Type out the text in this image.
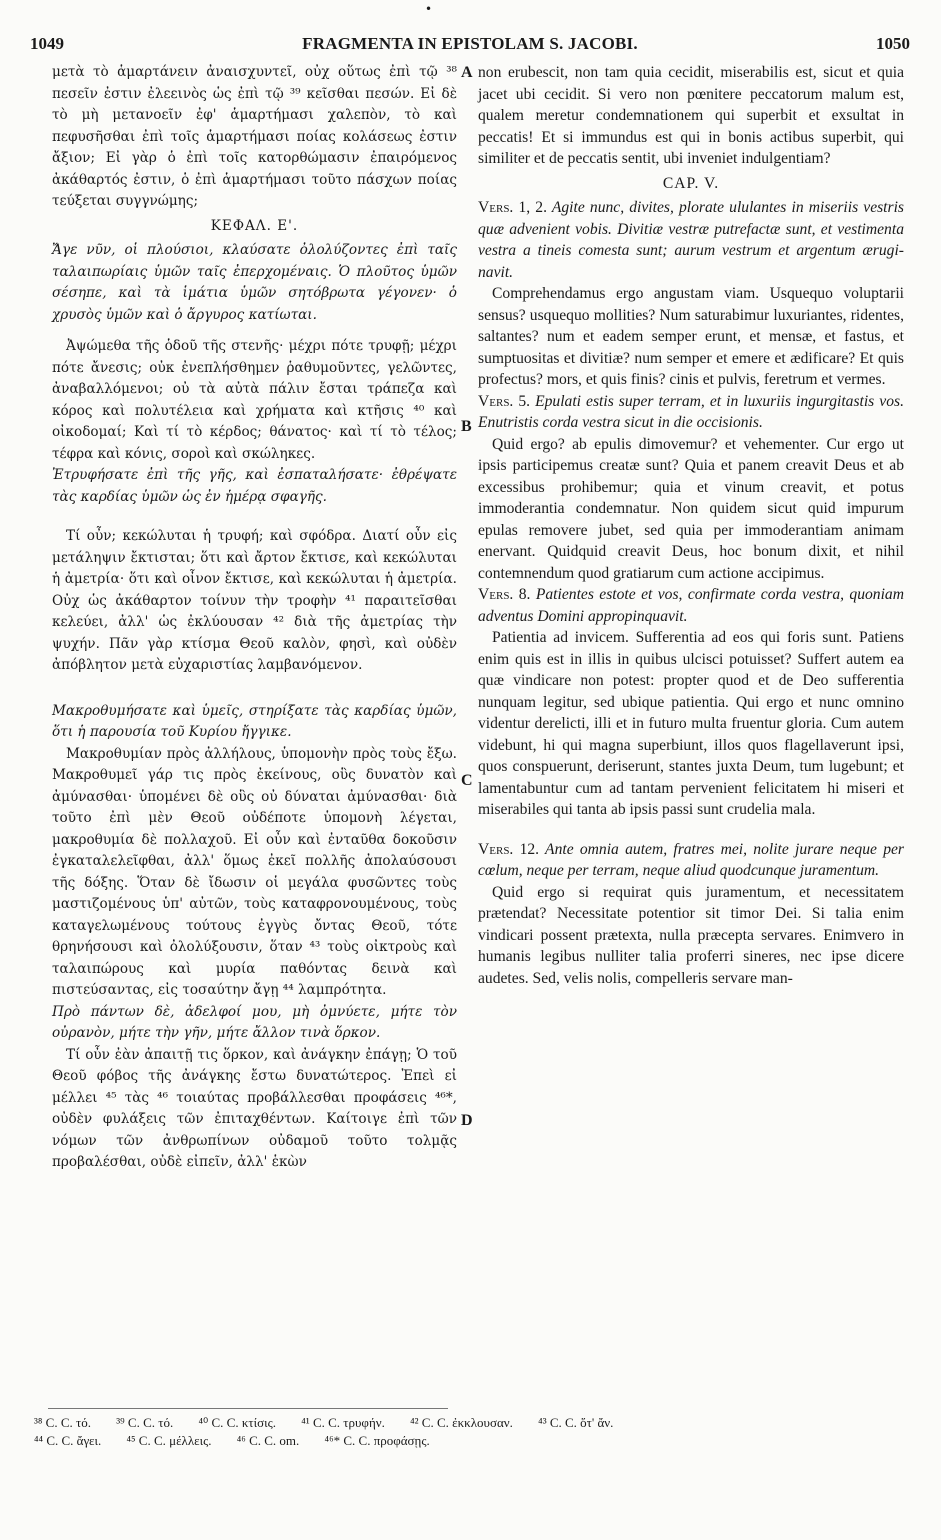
•
1049	FRAGMENTA IN EPISTOLAM S. JACOBI.	1050

μετὰ τὸ ἁμαρτάνειν ἀναισχυντεῖ, οὐχ οὕτως ἐπὶ τῷ ³⁸ πεσεῖν ἐστιν ἐλεεινὸς ὡς ἐπὶ τῷ ³⁹ κεῖσθαι πεσών. Εἰ δὲ τὸ μὴ μετανοεῖν ἐφ' ἁμαρτήμασι χαλεπὸν, τὸ καὶ πεφυσῆσθαι ἐπὶ τοῖς ἁμαρτήμασι ποίας κολάσεως ἐστιν ἄξιον; Εἰ γὰρ ὁ ἐπὶ τοῖς κατορθώμασιν ἐπαιρόμενος ἀκάθαρτός ἐστιν, ὁ ἐπὶ ἁμαρτήμασι τοῦτο πάσχων ποίας τεύξεται συγγνώμης;

ΚΕΦΑΛ. Ε'.

Ἄγε νῦν, οἱ πλούσιοι, κλαύσατε ὀλολύζοντες ἐπὶ ταῖς ταλαιπωρίαις ὑμῶν ταῖς ἐπερχομέναις. Ὁ πλοῦτος ὑμῶν σέσηπε, καὶ τὰ ἱμάτια ὑμῶν σητόβρωτα γέγονεν· ὁ χρυσὸς ὑμῶν καὶ ὁ ἄργυρος κατίωται.

Ἀψώμεθα τῆς ὁδοῦ τῆς στενῆς· μέχρι πότε τρυφῇ; μέχρι πότε ἄνεσις; οὐκ ἐνεπλήσθημεν ῥαθυμοῦντες, γελῶντες, ἀναβαλλόμενοι; οὐ τὰ αὐτὰ πάλιν ἔσται τράπεζα καὶ κόρος καὶ πολυτέλεια καὶ χρήματα καὶ κτῆσις ⁴⁰ καὶ οἰκοδομαί; Καὶ τί τὸ κέρδος; θάνατος· καὶ τί τὸ τέλος; τέφρα καὶ κόνις, σοροὶ καὶ σκώληκες.

Ἐτρυφήσατε ἐπὶ τῆς γῆς, καὶ ἐσπαταλήσατε· ἐθρέψατε τὰς καρδίας ὑμῶν ὡς ἐν ἡμέρᾳ σφαγῆς.

Τί οὖν; κεκώλυται ἡ τρυφή; καὶ σφόδρα. Διατί οὖν εἰς μετάληψιν ἔκτισται; ὅτι καὶ ἄρτον ἔκτισε, καὶ κεκώλυται ἡ ἀμετρία· ὅτι καὶ οἶνον ἔκτισε, καὶ κεκώλυται ἡ ἀμετρία. Οὐχ ὡς ἀκάθαρτον τοίνυν τὴν τροφὴν ⁴¹ παραιτεῖσθαι κελεύει, ἀλλ' ὡς ἐκλύουσαν ⁴² διὰ τῆς ἀμετρίας τὴν ψυχήν. Πᾶν γὰρ κτίσμα Θεοῦ καλὸν, φησὶ, καὶ οὐδὲν ἀπόβλητον μετὰ εὐχαριστίας λαμβανόμενον.

Μακροθυμήσατε καὶ ὑμεῖς, στηρίξατε τὰς καρδίας ὑμῶν, ὅτι ἡ παρουσία τοῦ Κυρίου ἤγγικε.

Μακροθυμίαν πρὸς ἀλλήλους, ὑπομονὴν πρὸς τοὺς ἔξω. Μακροθυμεῖ γάρ τις πρὸς ἐκείνους, οὓς δυνατὸν καὶ ἀμύνασθαι· ὑπομένει δὲ οὓς οὐ δύναται ἀμύνασθαι· διὰ τοῦτο ἐπὶ μὲν Θεοῦ οὐδέποτε ὑπομονὴ λέγεται, μακροθυμία δὲ πολλαχοῦ. Εἰ οὖν καὶ ἐνταῦθα δοκοῦσιν ἐγκαταλελεῖφθαι, ἀλλ' ὅμως ἐκεῖ πολλῆς ἀπολαύσουσι τῆς δόξης. Ὅταν δὲ ἴδωσιν οἱ μεγάλα φυσῶντες τοὺς μαστιζομένους ὑπ' αὐτῶν, τοὺς καταφρονουμένους, τοὺς καταγελωμένους τούτους ἐγγὺς ὄντας Θεοῦ, τότε θρηνήσουσι καὶ ὀλολύξουσιν, ὅταν ⁴³ τοὺς οἰκτροὺς καὶ ταλαιπώρους καὶ μυρία παθόντας δεινὰ καὶ πιστεύσαντας, εἰς τοσαύτην ἄγῃ ⁴⁴ λαμπρότητα.

Πρὸ πάντων δὲ, ἀδελφοί μου, μὴ ὀμνύετε, μήτε τὸν οὐρανὸν, μήτε τὴν γῆν, μήτε ἄλλον τινὰ ὅρκον.

Τί οὖν ἐὰν ἀπαιτῇ τις ὅρκον, καὶ ἀνάγκην ἐπάγῃ; Ὁ τοῦ Θεοῦ φόβος τῆς ἀνάγκης ἔστω δυνατώτερος. Ἐπεὶ εἰ μέλλει ⁴⁵ τὰς ⁴⁶ τοιαύτας προβάλλεσθαι προφάσεις ⁴⁶*, οὐδὲν φυλάξεις τῶν ἐπιταχθέντων. Καίτοιγε ἐπὶ τῶν νόμων τῶν ἀνθρωπίνων οὐδαμοῦ τοῦτο τολμᾷς προβαλέσθαι, οὐδὲ εἰπεῖν, ἀλλ' ἑκὼν

A
B
C
D

non erubescit, non tam quia cecidit, miserabilis est, sicut et quia jacet ubi cecidit. Si vero non pœnitere peccatorum malum est, qualem meretur condemnationem qui superbit et exsultat in peccatis! Et si immundus est qui in bonis actibus superbit, qui similiter et de peccatis sentit, ubi inveniet indulgentiam?

CAP. V.

Vers. 1, 2. Agite nunc, divites, plorate ululantes in miseriis vestris quæ advenient vobis. Divitiæ vestræ putrefactæ sunt, et vestimenta vestra a tineis comesta sunt; aurum vestrum et argentum ærugi-navit.

Comprehendamus ergo angustam viam. Usquequo voluptarii sensus? usquequo mollities? Num saturabimur luxuriantes, ridentes, saltantes? num et eadem semper erunt, et mensæ, et fastus, et sumptuositas et divitiæ? num semper et emere et ædificare? Et quis profectus? mors, et quis finis? cinis et pulvis, feretrum et vermes.

Vers. 5. Epulati estis super terram, et in luxuriis ingurgitastis vos. Enutristis corda vestra sicut in die occisionis.

Quid ergo? ab epulis dimovemur? et vehementer. Cur ergo ut ipsis participemus creatæ sunt? Quia et panem creavit Deus et ab excessibus prohibemur; quia et vinum creavit, et potus immoderantia condemnatur. Non quidem sicut quid impurum epulas removere jubet, sed quia per immoderantiam animam enervant. Quidquid creavit Deus, hoc bonum dixit, et nihil contemnendum quod gratiarum cum actione accipimus.

Vers. 8. Patientes estote et vos, confirmate corda vestra, quoniam adventus Domini appropinquavit.

Patientia ad invicem. Sufferentia ad eos qui foris sunt. Patiens enim quis est in illis in quibus ulcisci potuisset? Suffert autem ea quæ vindicare non potest: propter quod et de Deo sufferentia nunquam legitur, sed ubique patientia. Qui ergo et nunc omnino videntur derelicti, illi et in futuro multa fruentur gloria. Cum autem videbunt, hi qui magna superbiunt, illos quos flagellaverunt ipsi, quos conspuerunt, deriserunt, stantes juxta Deum, tum lugebunt; et lamentabuntur cum ad tantam pervenient felicitatem hi miseri et miserabiles qui tanta ab ipsis passi sunt crudelia mala.

Vers. 12. Ante omnia autem, fratres mei, nolite jurare neque per cœlum, neque per terram, neque aliud quodcunque juramentum.

Quid ergo si requirat quis juramentum, et necessitatem prætendat? Necessitate potentior sit timor Dei. Si talia enim vindicari possent prætexta, nulla præcepta servares. Enimvero in humanis legibus nulliter talia proferri sineres, nec ipse dicere audetes. Sed, velis nolis, compelleris servare man-

³⁸ C. C. τό. ³⁹ C. C. τό. ⁴⁰ C. Ϲ. κτίσις. ⁴¹ C. C. τρυφήν. ⁴² C. C. ἐκκλουσαν. ⁴³ C. C. ὅτ' ἄν.
⁴⁴ C. C. ἄγει. ⁴⁵ C. C. μέλλεις. ⁴⁶ C. C. om. ⁴⁶* C. C. προφάσῃς.
